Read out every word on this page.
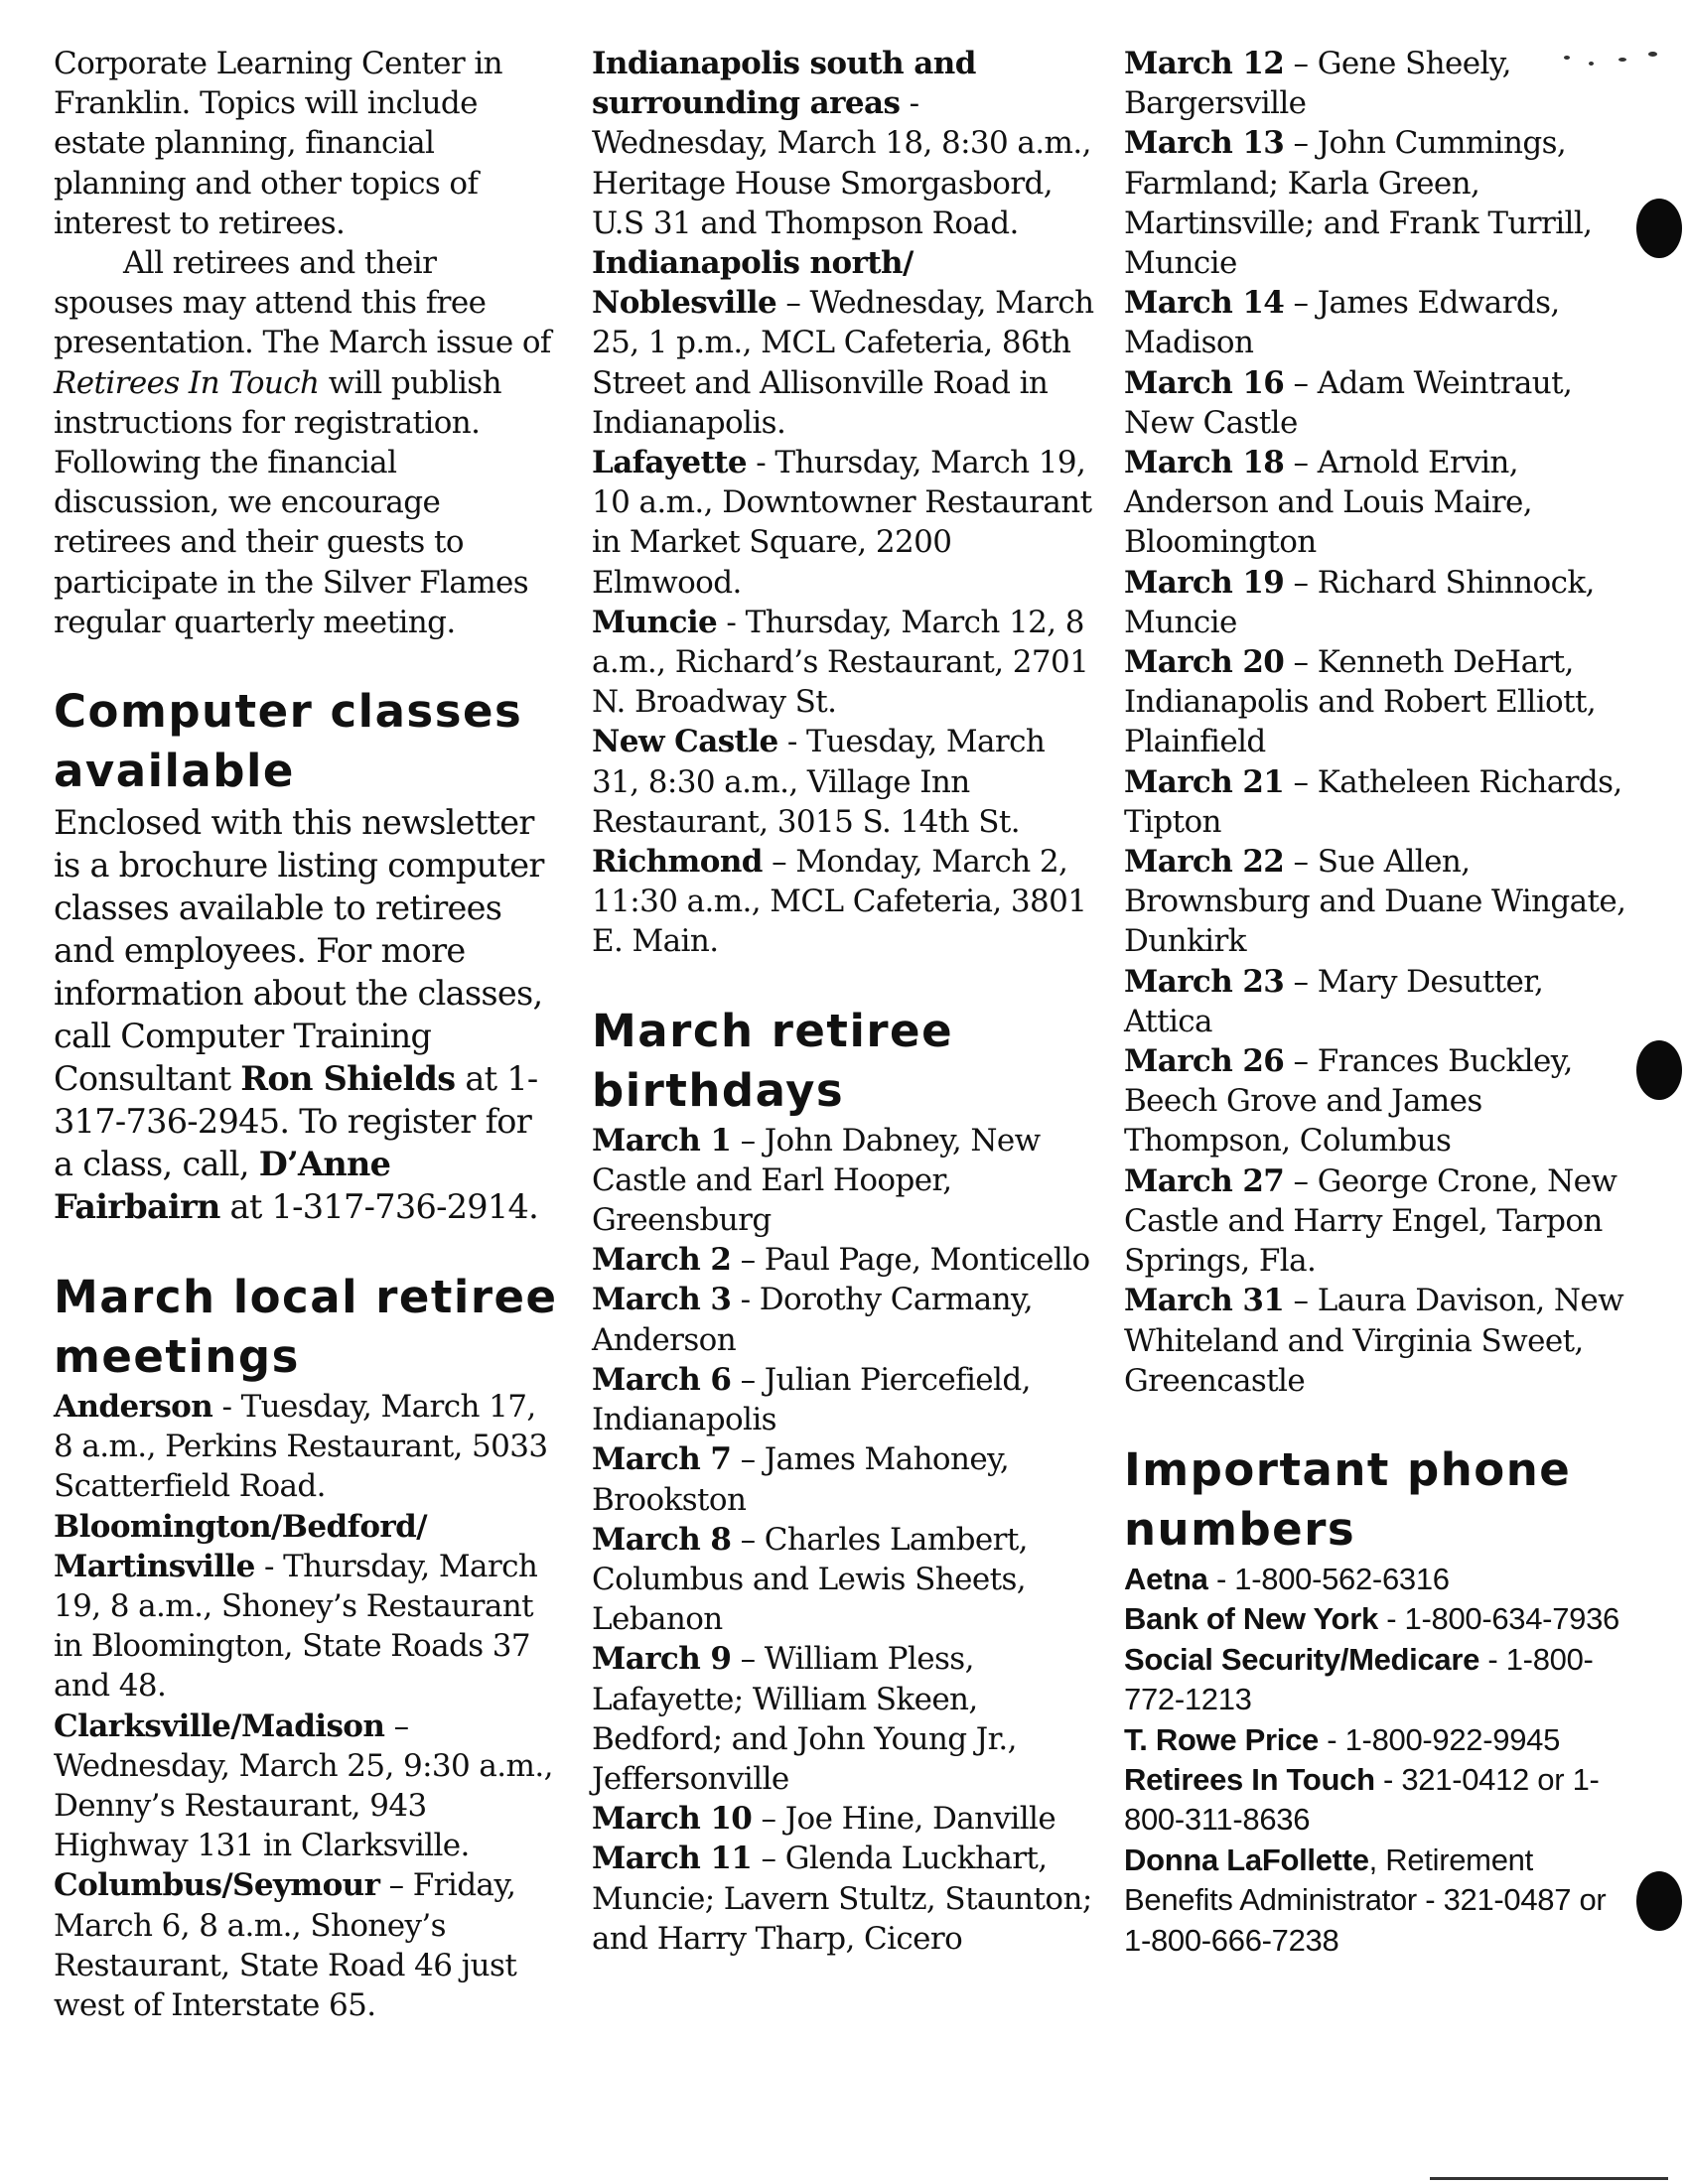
Corporate Learning Center in Franklin. Topics will include estate planning, financial planning and other topics of interest to retirees.

All retirees and their spouses may attend this free presentation. The March issue of Retirees In Touch will publish instructions for registration. Following the financial discussion, we encourage retirees and their guests to participate in the Silver Flames regular quarterly meeting.

Computer classes available

Enclosed with this newsletter is a brochure listing computer classes available to retirees and employees. For more information about the classes, call Computer Training Consultant Ron Shields at 1-317-736-2945. To register for a class, call, D’Anne Fairbairn at 1-317-736-2914.

March local retiree meetings
Anderson - Tuesday, March 17, 8 a.m., Perkins Restaurant, 5033 Scatterfield Road.
Bloomington/Bedford/ Martinsville - Thursday, March 19, 8 a.m., Shoney’s Restaurant in Bloomington, State Roads 37 and 48.
Clarksville/Madison – Wednesday, March 25, 9:30 a.m., Denny’s Restaurant, 943 Highway 131 in Clarksville.
Columbus/Seymour – Friday, March 6, 8 a.m., Shoney’s Restaurant, State Road 46 just west of Interstate 65.
Indianapolis south and surrounding areas - Wednesday, March 18, 8:30 a.m., Heritage House Smorgasbord, U.S 31 and Thompson Road.
Indianapolis north/ Noblesville – Wednesday, March 25, 1 p.m., MCL Cafeteria, 86th Street and Allisonville Road in Indianapolis.
Lafayette - Thursday, March 19, 10 a.m., Downtowner Restaurant in Market Square, 2200 Elmwood.
Muncie - Thursday, March 12, 8 a.m., Richard’s Restaurant, 2701 N. Broadway St.
New Castle - Tuesday, March 31, 8:30 a.m., Village Inn Restaurant, 3015 S. 14th St.
Richmond – Monday, March 2, 11:30 a.m., MCL Cafeteria, 3801 E. Main.
March retiree birthdays
March 1 – John Dabney, New Castle and Earl Hooper, Greensburg
March 2 – Paul Page, Monticello
March 3 - Dorothy Carmany, Anderson
March 6 – Julian Piercefield, Indianapolis
March 7 – James Mahoney, Brookston
March 8 – Charles Lambert, Columbus and Lewis Sheets, Lebanon
March 9 – William Pless, Lafayette; William Skeen, Bedford; and John Young Jr., Jeffersonville
March 10 – Joe Hine, Danville
March 11 – Glenda Luckhart, Muncie; Lavern Stultz, Staunton; and Harry Tharp, Cicero
March 12 – Gene Sheely, Bargersville
March 13 – John Cummings, Farmland; Karla Green, Martinsville; and Frank Turrill, Muncie
March 14 – James Edwards, Madison
March 16 – Adam Weintraut, New Castle
March 18 – Arnold Ervin, Anderson and Louis Maire, Bloomington
March 19 – Richard Shinnock, Muncie
March 20 – Kenneth DeHart, Indianapolis and Robert Elliott, Plainfield
March 21 – Katheleen Richards, Tipton
March 22 – Sue Allen, Brownsburg and Duane Wingate, Dunkirk
March 23 – Mary Desutter, Attica
March 26 – Frances Buckley, Beech Grove and James Thompson, Columbus
March 27 – George Crone, New Castle and Harry Engel, Tarpon Springs, Fla.
March 31 – Laura Davison, New Whiteland and Virginia Sweet, Greencastle
Important phone numbers
Aetna - 1-800-562-6316
Bank of New York - 1-800-634-7936
Social Security/Medicare - 1-800-772-1213
T. Rowe Price - 1-800-922-9945
Retirees In Touch - 321-0412 or 1-800-311-8636
Donna LaFollette, Retirement Benefits Administrator - 321-0487 or 1-800-666-7238
